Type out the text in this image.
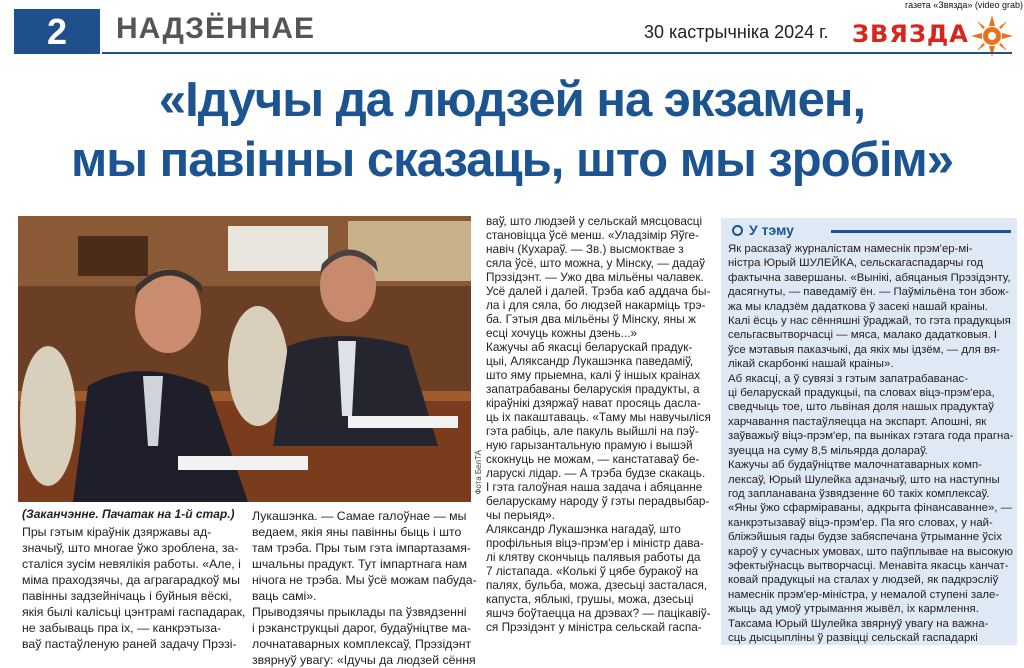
2	НАДЗЁННАЕ	30 кастрычніка 2024 г. ЗВЯЗДА
газета «Звязда» (video grab)
«Ідучы да людзей на экзамен,
мы павінны сказаць, што мы зробім»
Фота БелТА
(Заканчэнне. Пачатак на 1-й стар.)

Пры гэтым кіраўнік дзяржавы ад-

значыў, што многае ўжо зроблена, за-

сталіся зусім невялікія работы. «Але, і

міма праходзячы, да аграгарадкоў мы

павінны задзейнічаць і буйныя вёскі,

якія былі калісьці цэнтрамі гаспадарак,

не забываць пра іх, — канкрэтыза-

ваў пастаўленую раней задачу Прэзі-

Лукашэнка. — Самае галоўнае — мы

ведаем, якія яны павінны быць і што

там трэба. Пры тым гэта імпартазамя-

шчальны прадукт. Тут імпартнага нам

нічога не трэба. Мы ўсё можам пабуда-

ваць самі».

Прыводзячы прыклады па ўзвядзенні

і рэканструкцыі дарог, будаўніцтве ма-

лочнатаварных комплексаў, Прэзідэнт

звярнуў увагу: «Ідучы да людзей сёння

ваў, што людзей у сельскай мясцовасці

становіцца ўсё менш. «Уладзімір Яўге-

навіч (Кухараў. — Зв.) высмоктвае з

сяла ўсё, што можна, у Мінску, — дадаў

Прэзідэнт. — Ужо два мільёны чалавек.

Усё далей і далей. Трэба каб аддача бы-

ла і для сяла, бо людзей накарміць трэ-

ба. Гэтыя два мільёны ў Мінску, яны ж

есці хочуць кожны дзень...»

Кажучы аб якасці беларускай прадук-

цыі, Аляксандр Лукашэнка паведаміў,

што яму прыемна, калі ў іншых краінах

запатрабаваны беларускія прадукты, а

кіраўнікі дзяржаў нават просяць дасла-

ць іх пакаштаваць. «Таму мы навучыліся

гэта рабіць, але пакуль выйшлі на пэў-

ную гарызантальную прамую і вышэй

скокнуць не можам, — канстатаваў бе-

ларускі лідар. — А трэба будзе скакаць.

І гэта галоўная наша задача і абяцанне

беларускаму народу ў гэты перадвыбар-

чы перыяд».

Аляксандр Лукашэнка нагадаў, што

профільныя віцэ-прэм'ер і міністр дава-

лі клятву скончыць палявыя работы да

7 лістапада. «Колькі ў цябе буракоў на

палях, бульба, можа, дзесьці засталася,

капуста, яблыкі, грушы, можа, дзесьці

яшчэ боўтаецца на дрэвах? — пацікавіў-

ся Прэзідэнт у міністра сельскай гаспа-

У тэму

Як расказаў журналістам намеснік прэм'ер-мі-

ністра Юрый ШУЛЕЙКА, сельскагаспадарчы год

фактычна завершаны. «Вынікі, абяцаныя Прэзідэнту,

дасягнуты, — паведаміў ён. — Паўмільёна тон збож-

жа мы кладзём дадаткова ў засекі нашай краіны.

Калі ёсць у нас сённяшні ўраджай, то гэта прадукцыя

сельгасвытворчасці — мяса, малако дадатковыя. І

ўсе мэтавыя паказчыкі, да якіх мы ідзём, — для вя-

лікай скарбонкі нашай краіны».

Аб якасці, а ў сувязі з гэтым запатрабаванас-

ці беларускай прадукцыі, па словах віцэ-прэм'ера,

сведчыць тое, што львіная доля нашых прадуктаў

харчавання пастаўляецца на экспарт. Апошні, як

заўважыў віцэ-прэм'ер, па выніках гэтага года прагна-

зуецца на суму 8,5 мільярда долараў.

Кажучы аб будаўніцтве малочнатаварных комп-

лексаў, Юрый Шулейка адзначыў, што на наступны

год запланавана ўзвядзенне 60 такіх комплексаў.

«Яны ўжо сфарміраваны, адкрыта фінансаванне», —

канкрэтызаваў віцэ-прэм'ер. Па яго словах, у най-

бліжэйшыя гады будзе забяспечана ўтрыманне ўсіх

кароў у сучасных умовах, што паўплывае на высокую

эфектыўнасць вытворчасці. Менавіта якасць канчат-

ковай прадукцыі на сталах у людзей, як падкрэсліў

намеснік прэм'ер-міністра, у немалой ступені зале-

жыць ад умоў утрымання жывёл, іх кармлення.

Таксама Юрый Шулейка звярнуў увагу на важна-

сць дысцыпліны ў развіцці сельскай гаспадаркі
